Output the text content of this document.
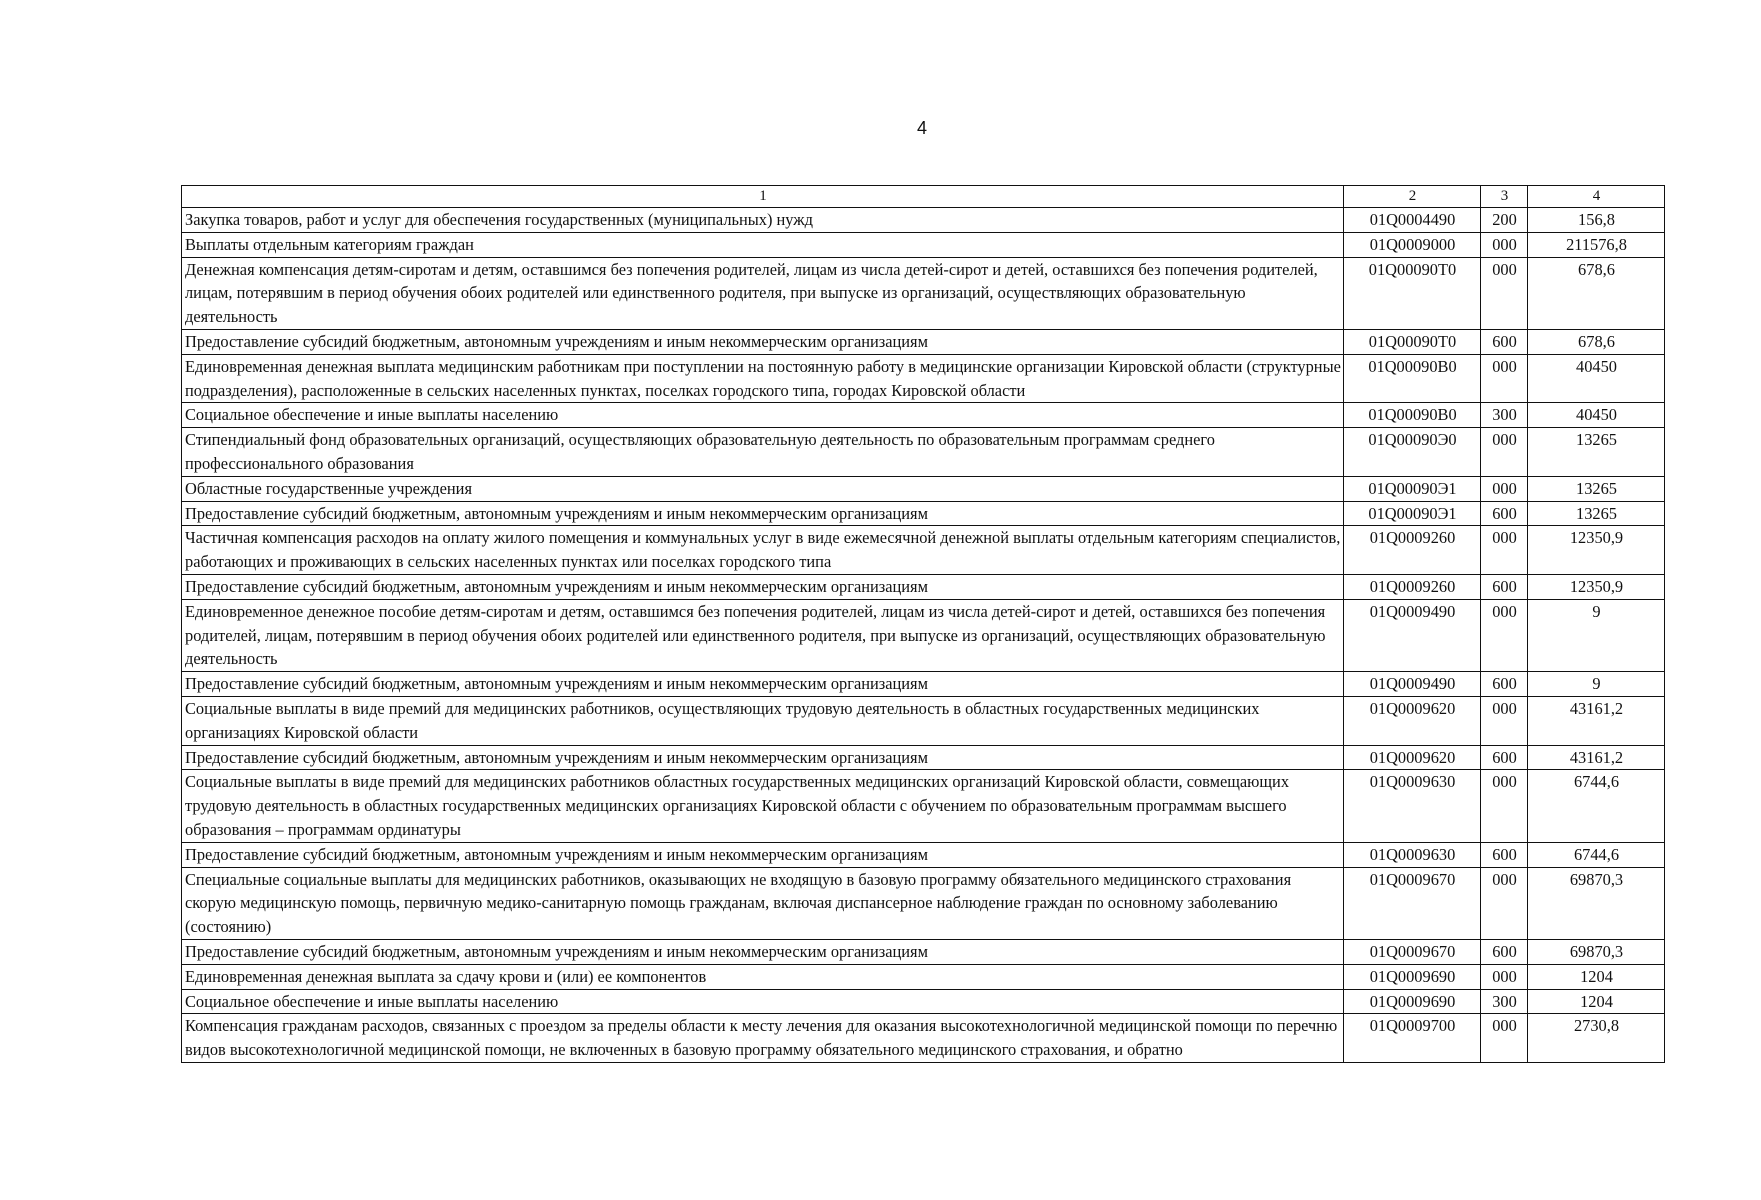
4
1	2	3	4
Закупка товаров, работ и услуг для обеспечения государственных (муниципальных) нужд	01Q0004490	200	156,8
Выплаты отдельным категориям граждан	01Q0009000	000	211576,8
Денежная компенсация детям-сиротам и детям, оставшимся без попечения родителей, лицам из числа детей-сирот и детей, оставшихся без попечения родителей, лицам, потерявшим в период обучения обоих родителей или единственного родителя, при выпуске из организаций, осуществляющих образовательную деятельность	01Q00090T0	000	678,6
Предоставление субсидий бюджетным, автономным учреждениям и иным некоммерческим организациям	01Q00090T0	600	678,6
Единовременная денежная выплата медицинским работникам при поступлении на постоянную работу в медицинские организации Кировской области (структурные подразделения), расположенные в сельских населенных пунктах, поселках городского типа, городах Кировской области	01Q00090B0	000	40450
Социальное обеспечение и иные выплаты населению	01Q00090B0	300	40450
Стипендиальный фонд образовательных организаций, осуществляющих образовательную деятельность по образовательным программам среднего профессионального образования	01Q00090Э0	000	13265
Областные государственные учреждения	01Q00090Э1	000	13265
Предоставление субсидий бюджетным, автономным учреждениям и иным некоммерческим организациям	01Q00090Э1	600	13265
Частичная компенсация расходов на оплату жилого помещения и коммунальных услуг в виде ежемесячной денежной выплаты отдельным категориям специалистов, работающих и проживающих в сельских населенных пунктах или поселках городского типа	01Q0009260	000	12350,9
Предоставление субсидий бюджетным, автономным учреждениям и иным некоммерческим организациям	01Q0009260	600	12350,9
Единовременное денежное пособие детям-сиротам и детям, оставшимся без попечения родителей, лицам из числа детей-сирот и детей, оставшихся без попечения родителей, лицам, потерявшим в период обучения обоих родителей или единственного родителя, при выпуске из организаций, осуществляющих образовательную деятельность	01Q0009490	000	9
Предоставление субсидий бюджетным, автономным учреждениям и иным некоммерческим организациям	01Q0009490	600	9
Социальные выплаты в виде премий для медицинских работников, осуществляющих трудовую деятельность в областных государственных медицинских организациях Кировской области	01Q0009620	000	43161,2
Предоставление субсидий бюджетным, автономным учреждениям и иным некоммерческим организациям	01Q0009620	600	43161,2
Социальные выплаты в виде премий для медицинских работников областных государственных медицинских организаций Кировской области, совмещающих трудовую деятельность в областных государственных медицинских организациях Кировской области с обучением по образовательным программам высшего образования – программам ординатуры	01Q0009630	000	6744,6
Предоставление субсидий бюджетным, автономным учреждениям и иным некоммерческим организациям	01Q0009630	600	6744,6
Специальные социальные выплаты для медицинских работников, оказывающих не входящую в базовую программу обязательного медицинского страхования скорую медицинскую помощь, первичную медико-санитарную помощь гражданам, включая диспансерное наблюдение граждан по основному заболеванию (состоянию)	01Q0009670	000	69870,3
Предоставление субсидий бюджетным, автономным учреждениям и иным некоммерческим организациям	01Q0009670	600	69870,3
Единовременная денежная выплата за сдачу крови и (или) ее компонентов	01Q0009690	000	1204
Социальное обеспечение и иные выплаты населению	01Q0009690	300	1204
Компенсация гражданам расходов, связанных с проездом за пределы области к месту лечения для оказания высокотехнологичной медицинской помощи по перечню видов высокотехнологичной медицинской помощи, не включенных в базовую программу обязательного медицинского страхования, и обратно	01Q0009700	000	2730,8
